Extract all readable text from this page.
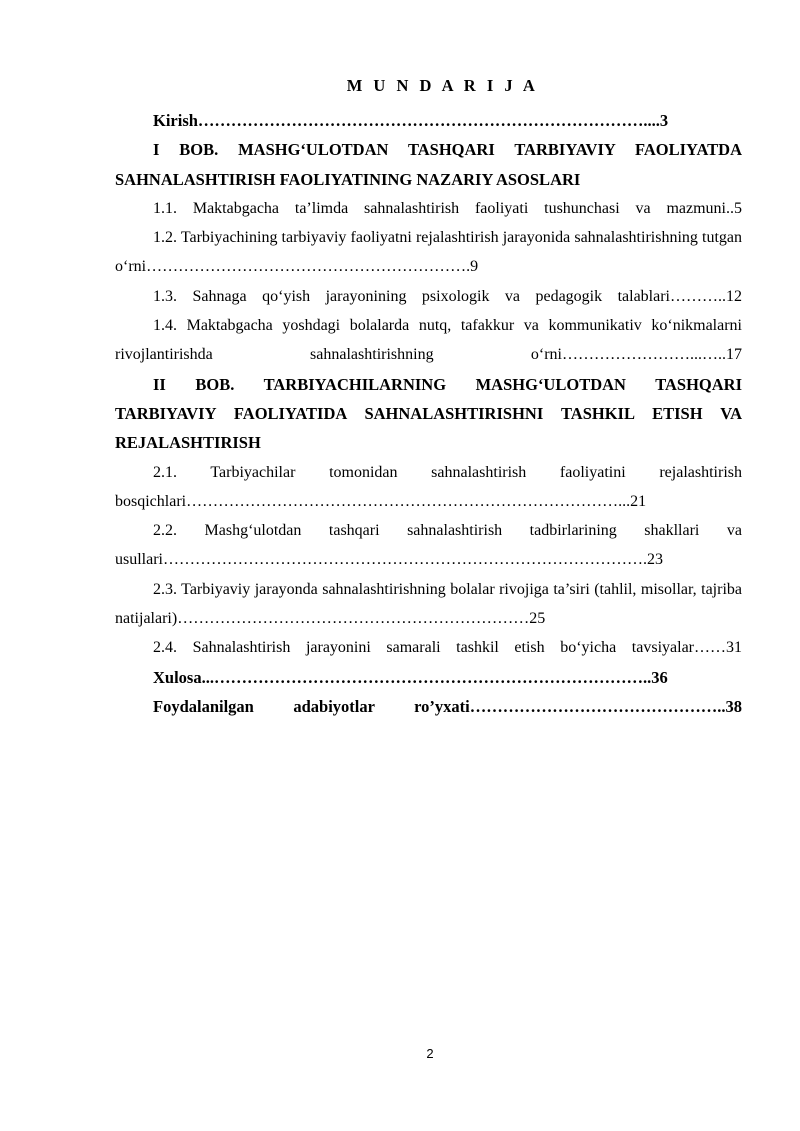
M U N D A R I J A

Kirish………………………………………………………………………....3

I BOB. MASHG‘ULOTDAN TASHQARI TARBIYAVIY FAOLIYATDA SAHNALASHTIRISH FAOLIYATINING NAZARIY ASOSLARI

1.1. Maktabgacha ta’limda sahnalashtirish faoliyati tushunchasi va mazmuni..5

1.2. Tarbiyachining tarbiyaviy faoliyatni rejalashtirish jarayonida sahnalashtirishning tutgan o‘rni…………………………………………………….9

1.3. Sahnaga qo‘yish jarayonining psixologik va pedagogik talablari………..12

1.4. Maktabgacha yoshdagi bolalarda nutq, tafakkur va kommunikativ ko‘nikmalarni rivojlantirishda sahnalashtirishning o‘rni……………………...…..17

II BOB. TARBIYACHILARNING MASHG‘ULOTDAN TASHQARI TARBIYAVIY FAOLIYATIDA SAHNALASHTIRISHNI TASHKIL ETISH VA REJALASHTIRISH

2.1. Tarbiyachilar tomonidan sahnalashtirish faoliyatini rejalashtirish bosqichlari………………………………………………………………………...21

2.2. Mashg‘ulotdan tashqari sahnalashtirish tadbirlarining shakllari va usullari……………………………………………………………………………….23

2.3. Tarbiyaviy jarayonda sahnalashtirishning bolalar rivojiga ta’siri (tahlil, misollar, tajriba natijalari)…………………………………………………………25

2.4. Sahnalashtirish jarayonini samarali tashkil etish bo‘yicha tavsiyalar……31

Xulosa...……………………………………………………………………..36

Foydalanilgan adabiyotlar ro’yxati………………………………………..38

2
